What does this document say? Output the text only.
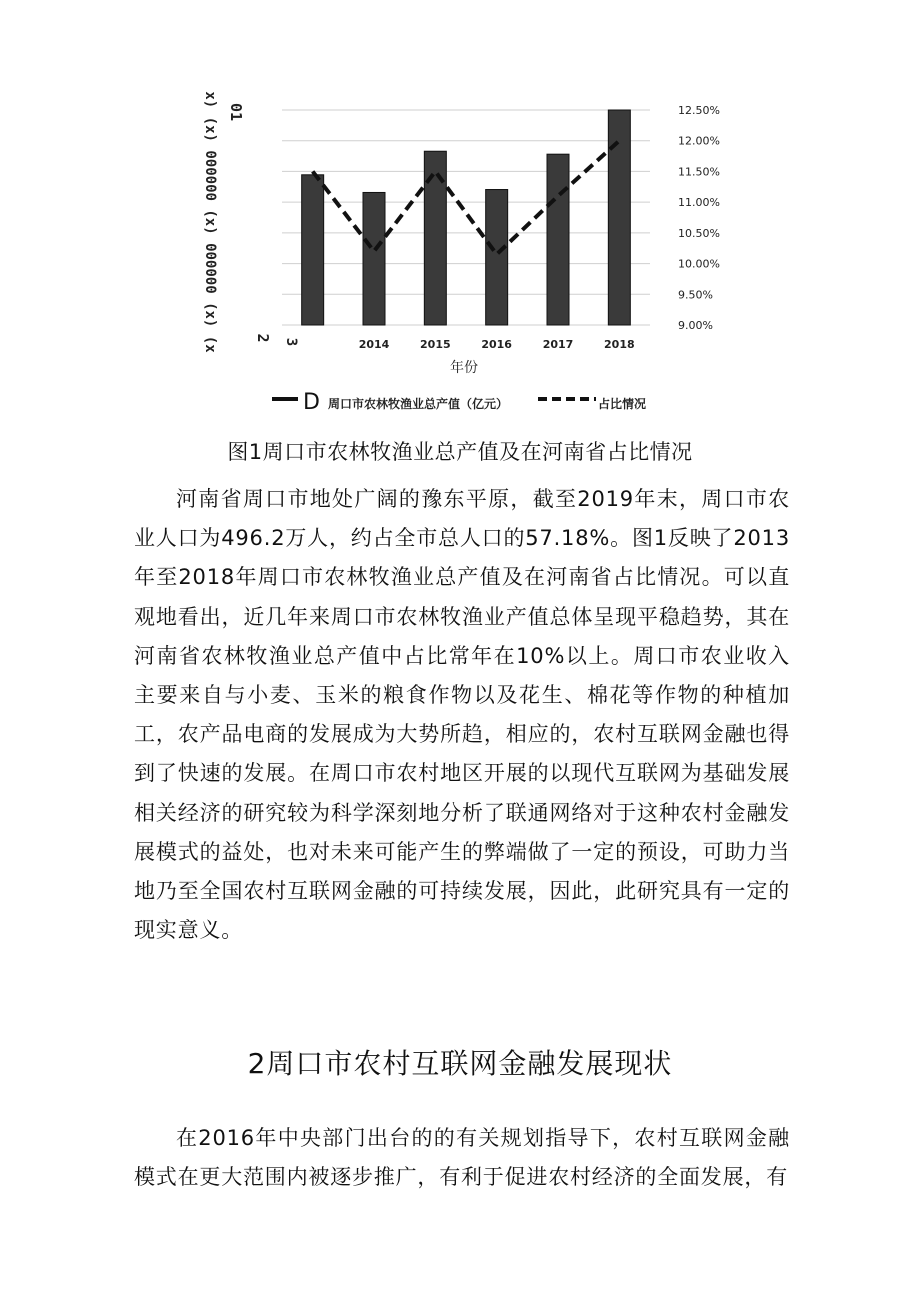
2014	2015	2016	2017	2018
12.50%
12.00%
11.50%
11.00%
10.50%
10.00%
9.50%
9.00%
x) (x) 000000 (x) 000000 (x) (x 01
2 3
年份
D 周口市农林牧渔业总产值（亿元）	占比情况

图1周口市农林牧渔业总产值及在河南省占比情况

河南省周口市地处广阔的豫东平原，截至2019年末，周口市农业人口为496.2万人，约占全市总人口的57.18%。图1反映了2013年至2018年周口市农林牧渔业总产值及在河南省占比情况。可以直观地看出，近几年来周口市农林牧渔业产值总体呈现平稳趋势，其在河南省农林牧渔业总产值中占比常年在10%以上。周口市农业收入主要来自与小麦、玉米的粮食作物以及花生、棉花等作物的种植加工，农产品电商的发展成为大势所趋，相应的，农村互联网金融也得到了快速的发展。在周口市农村地区开展的以现代互联网为基础发展相关经济的研究较为科学深刻地分析了联通网络对于这种农村金融发展模式的益处，也对未来可能产生的弊端做了一定的预设，可助力当地乃至全国农村互联网金融的可持续发展，因此，此研究具有一定的现实意义。

2周口市农村互联网金融发展现状

在2016年中央部门出台的的有关规划指导下，农村互联网金融模式在更大范围内被逐步推广，有利于促进农村经济的全面发展，有
